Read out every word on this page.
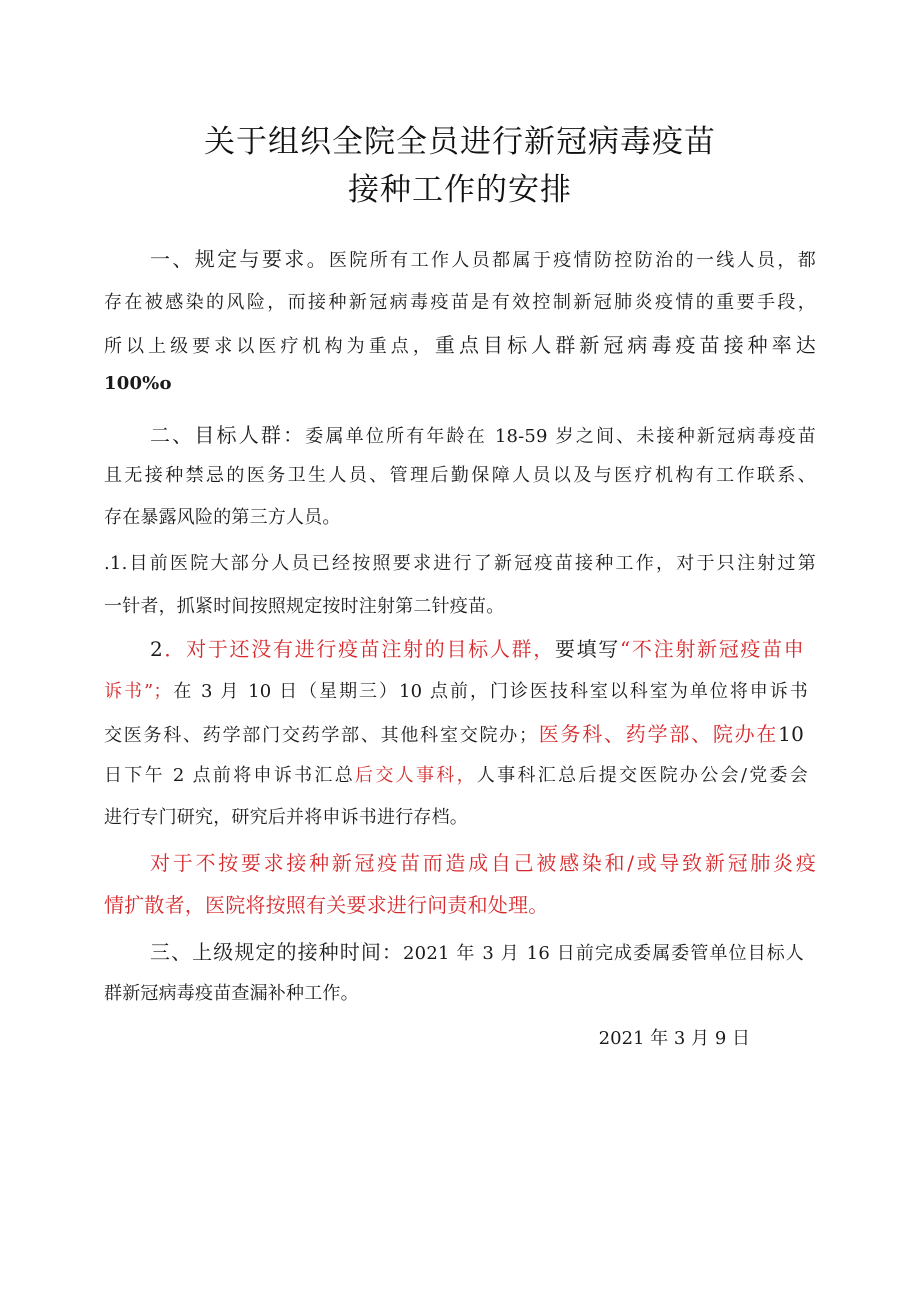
关于组织全院全员进行新冠病毒疫苗
接种工作的安排
一、规定与要求。医院所有工作人员都属于疫情防控防治的一线人员，都
存在被感染的风险，而接种新冠病毒疫苗是有效控制新冠肺炎疫情的重要手段，
所以上级要求以医疗机构为重点，重点目标人群新冠病毒疫苗接种率达
100%o
二、目标人群：委属单位所有年龄在 18-59 岁之间、未接种新冠病毒疫苗
且无接种禁忌的医务卫生人员、管理后勤保障人员以及与医疗机构有工作联系、
存在暴露风险的第三方人员。
.1.目前医院大部分人员已经按照要求进行了新冠疫苗接种工作，对于只注射过第
一针者，抓紧时间按照规定按时注射第二针疫苗。
2．对于还没有进行疫苗注射的目标人群，要填写“不注射新冠疫苗申
诉书”；在 3 月 10 日（星期三）10 点前，门诊医技科室以科室为单位将申诉书
交医务科、药学部门交药学部、其他科室交院办；医务科、药学部、院办在10
日下午 2 点前将申诉书汇总后交人事科，人事科汇总后提交医院办公会/党委会
进行专门研究，研究后并将申诉书进行存档。
对于不按要求接种新冠疫苗而造成自己被感染和/或导致新冠肺炎疫
情扩散者，医院将按照有关要求进行问责和处理。
三、上级规定的接种时间：2021 年 3 月 16 日前完成委属委管单位目标人
群新冠病毒疫苗查漏补种工作。
2021 年 3 月 9 日
